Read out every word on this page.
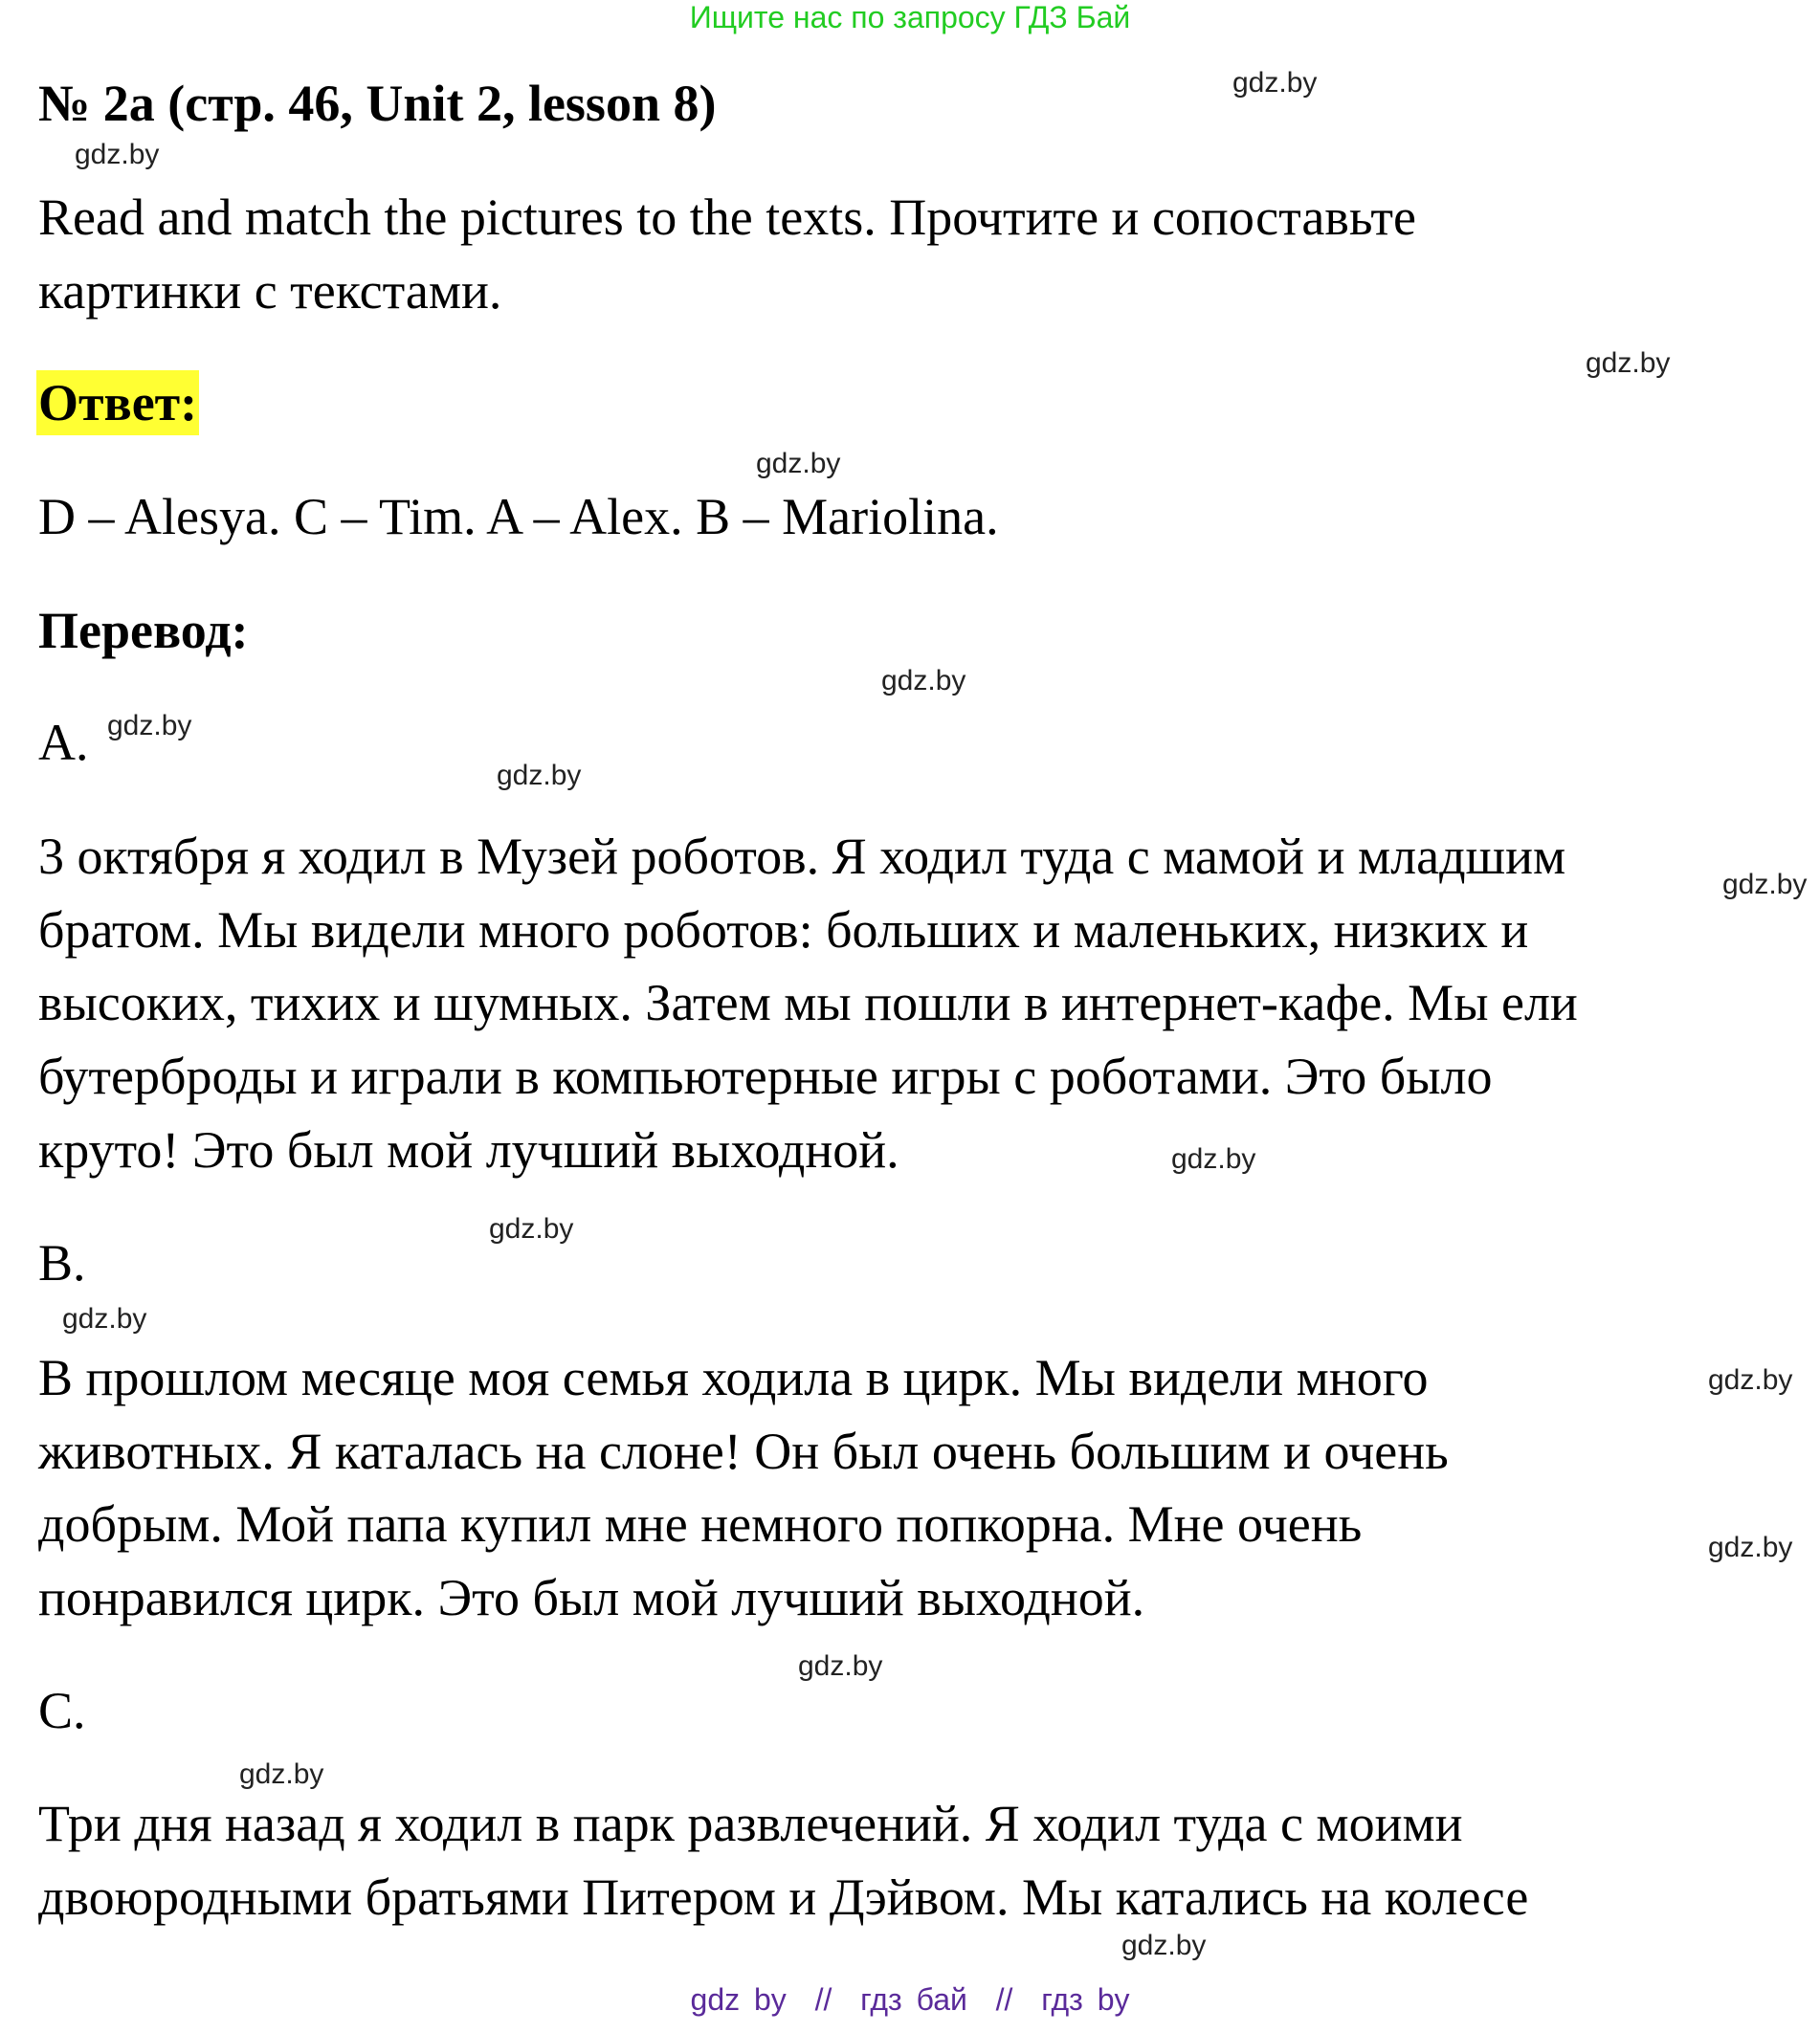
Ищите нас по запросу ГДЗ Бай
№ 2a (стр. 46, Unit 2, lesson 8)
Read and match the pictures to the texts. Прочтите и сопоставьте
картинки с текстами.
Ответ:
D – Alesya. C – Tim. A – Alex. B – Mariolina.
Перевод:
A.
3 октября я ходил в Музей роботов. Я ходил туда с мамой и младшим
братом. Мы видели много роботов: больших и маленьких, низких и
высоких, тихих и шумных. Затем мы пошли в интернет-кафе. Мы ели
бутерброды и играли в компьютерные игры с роботами. Это было
круто! Это был мой лучший выходной.
B.
В прошлом месяце моя семья ходила в цирк. Мы видели много
животных. Я каталась на слоне! Он был очень большим и очень
добрым. Мой папа купил мне немного попкорна. Мне очень
понравился цирк. Это был мой лучший выходной.
C.
Три дня назад я ходил в парк развлечений. Я ходил туда с моими
двоюродными братьями Питером и Дэйвом. Мы катались на колесе
gdz.by
gdz.by
gdz.by
gdz.by
gdz.by
gdz.by
gdz.by
gdz.by
gdz.by
gdz.by
gdz.by
gdz.by
gdz.by
gdz.by
gdz.by
gdz.by
gdz by  //  гдз бай  //  гдз by
